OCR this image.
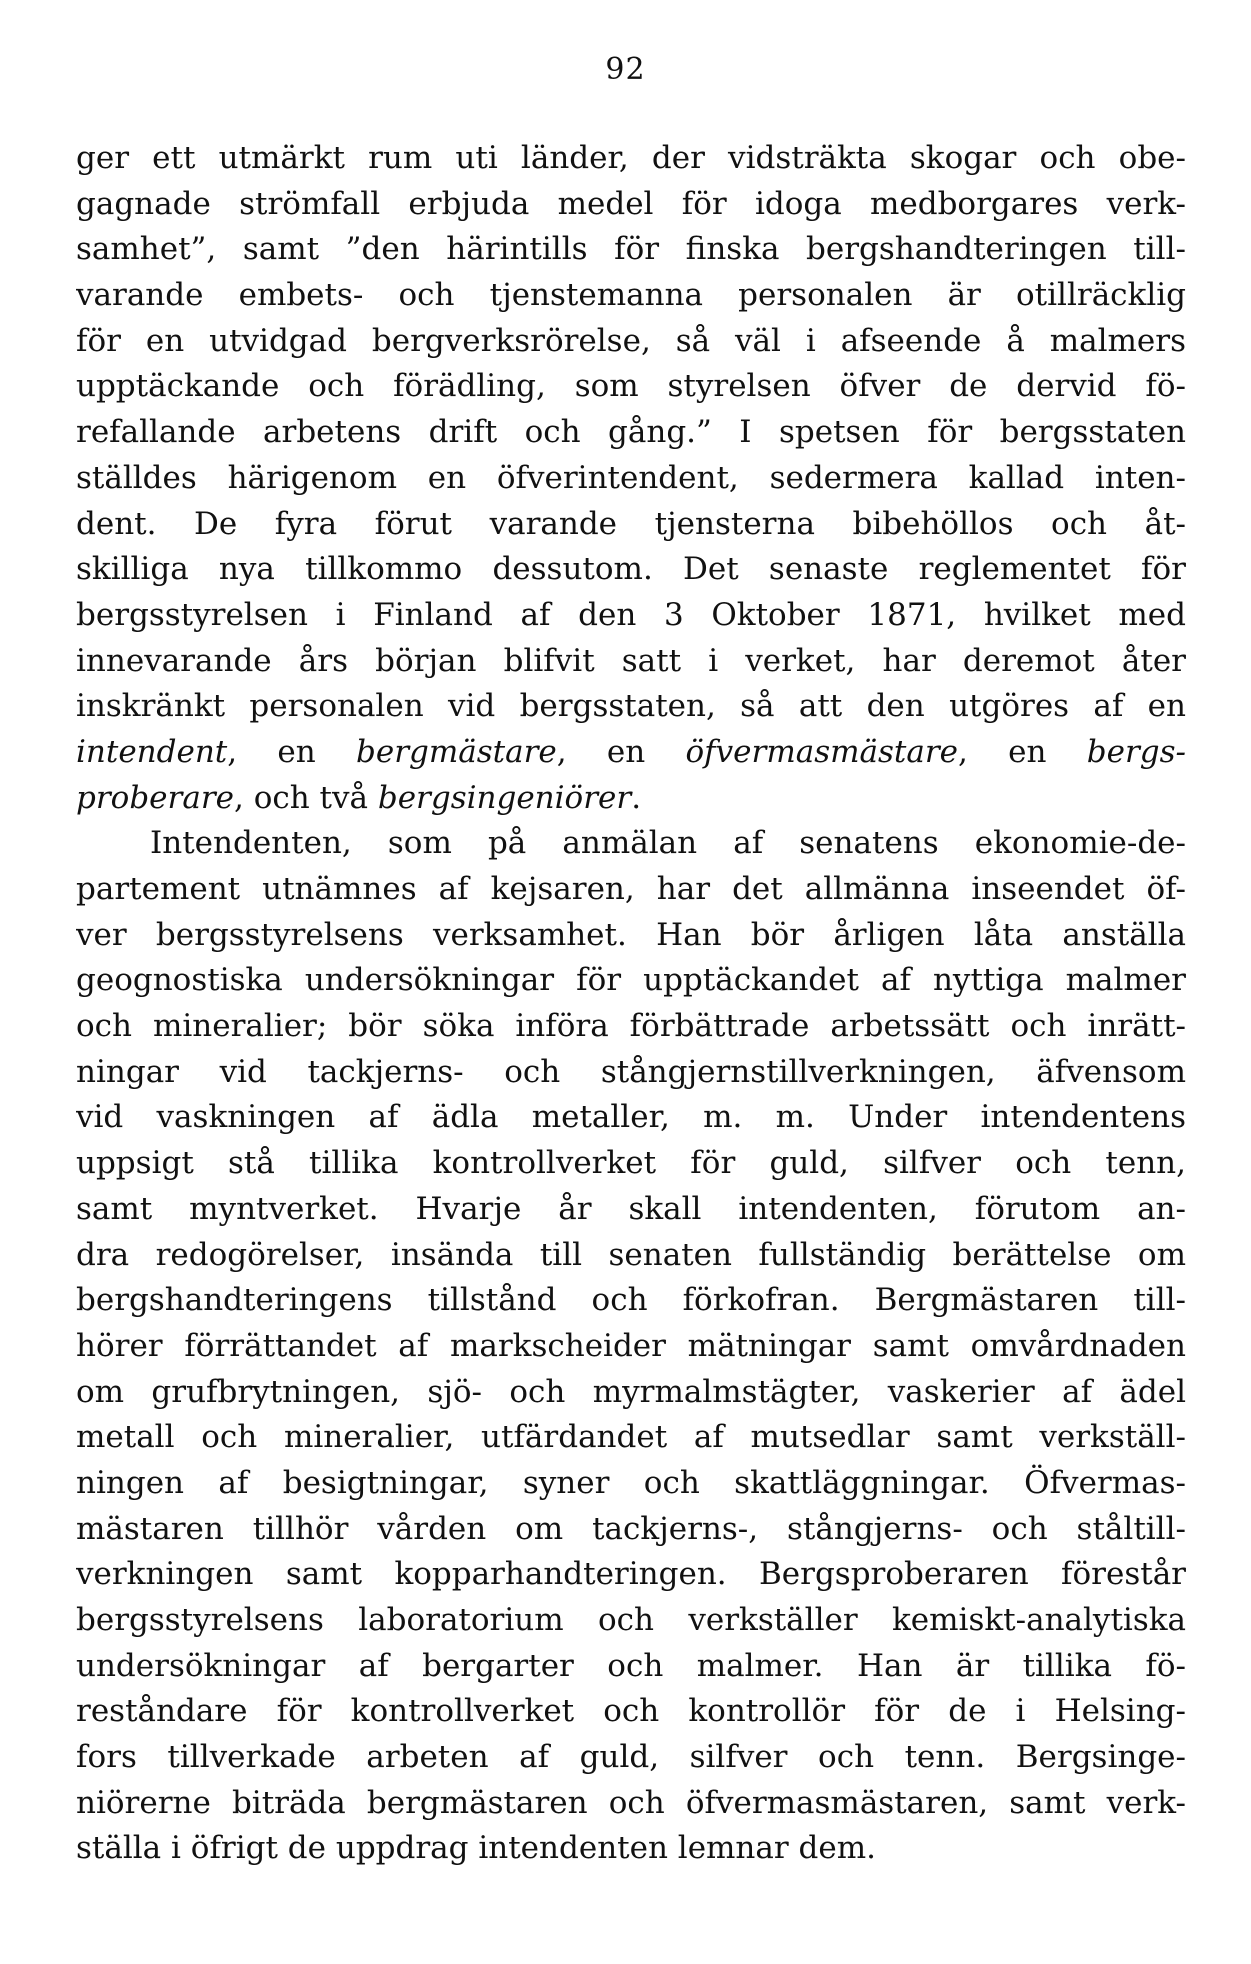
92
ger ett utmärkt rum uti länder, der vidsträkta skogar och obe-
gagnade strömfall erbjuda medel för idoga medborgares verk-
samhet”, samt ”den härintills för finska bergshandteringen till-
varande embets- och tjenstemanna personalen är otillräcklig
för en utvidgad bergverksrörelse, så väl i afseende å malmers
upptäckande och förädling, som styrelsen öfver de dervid fö-
refallande arbetens drift och gång.” I spetsen för bergsstaten
ställdes härigenom en öfverintendent, sedermera kallad inten-
dent. De fyra förut varande tjensterna bibehöllos och åt-
skilliga nya tillkommo dessutom. Det senaste reglementet för
bergsstyrelsen i Finland af den 3 Oktober 1871, hvilket med
innevarande års början blifvit satt i verket, har deremot åter
inskränkt personalen vid bergsstaten, så att den utgöres af en
intendent, en bergmästare, en öfvermasmästare, en bergs-
proberare, och två bergsingeniörer.
Intendenten, som på anmälan af senatens ekonomie-de-
partement utnämnes af kejsaren, har det allmänna inseendet öf-
ver bergsstyrelsens verksamhet. Han bör årligen låta anställa
geognostiska undersökningar för upptäckandet af nyttiga malmer
och mineralier; bör söka införa förbättrade arbetssätt och inrätt-
ningar vid tackjerns- och stångjernstillverkningen, äfvensom
vid vaskningen af ädla metaller, m. m. Under intendentens
uppsigt stå tillika kontrollverket för guld, silfver och tenn,
samt myntverket. Hvarje år skall intendenten, förutom an-
dra redogörelser, insända till senaten fullständig berättelse om
bergshandteringens tillstånd och förkofran. Bergmästaren till-
hörer förrättandet af markscheider mätningar samt omvårdnaden
om grufbrytningen, sjö- och myrmalmstägter, vaskerier af ädel
metall och mineralier, utfärdandet af mutsedlar samt verkställ-
ningen af besigtningar, syner och skattläggningar. Öfvermas-
mästaren tillhör vården om tackjerns-, stångjerns- och ståltill-
verkningen samt kopparhandteringen. Bergsproberaren förestår
bergsstyrelsens laboratorium och verkställer kemiskt-analytiska
undersökningar af bergarter och malmer. Han är tillika fö-
reståndare för kontrollverket och kontrollör för de i Helsing-
fors tillverkade arbeten af guld, silfver och tenn. Bergsinge-
niörerne biträda bergmästaren och öfvermasmästaren, samt verk-
ställa i öfrigt de uppdrag intendenten lemnar dem.
